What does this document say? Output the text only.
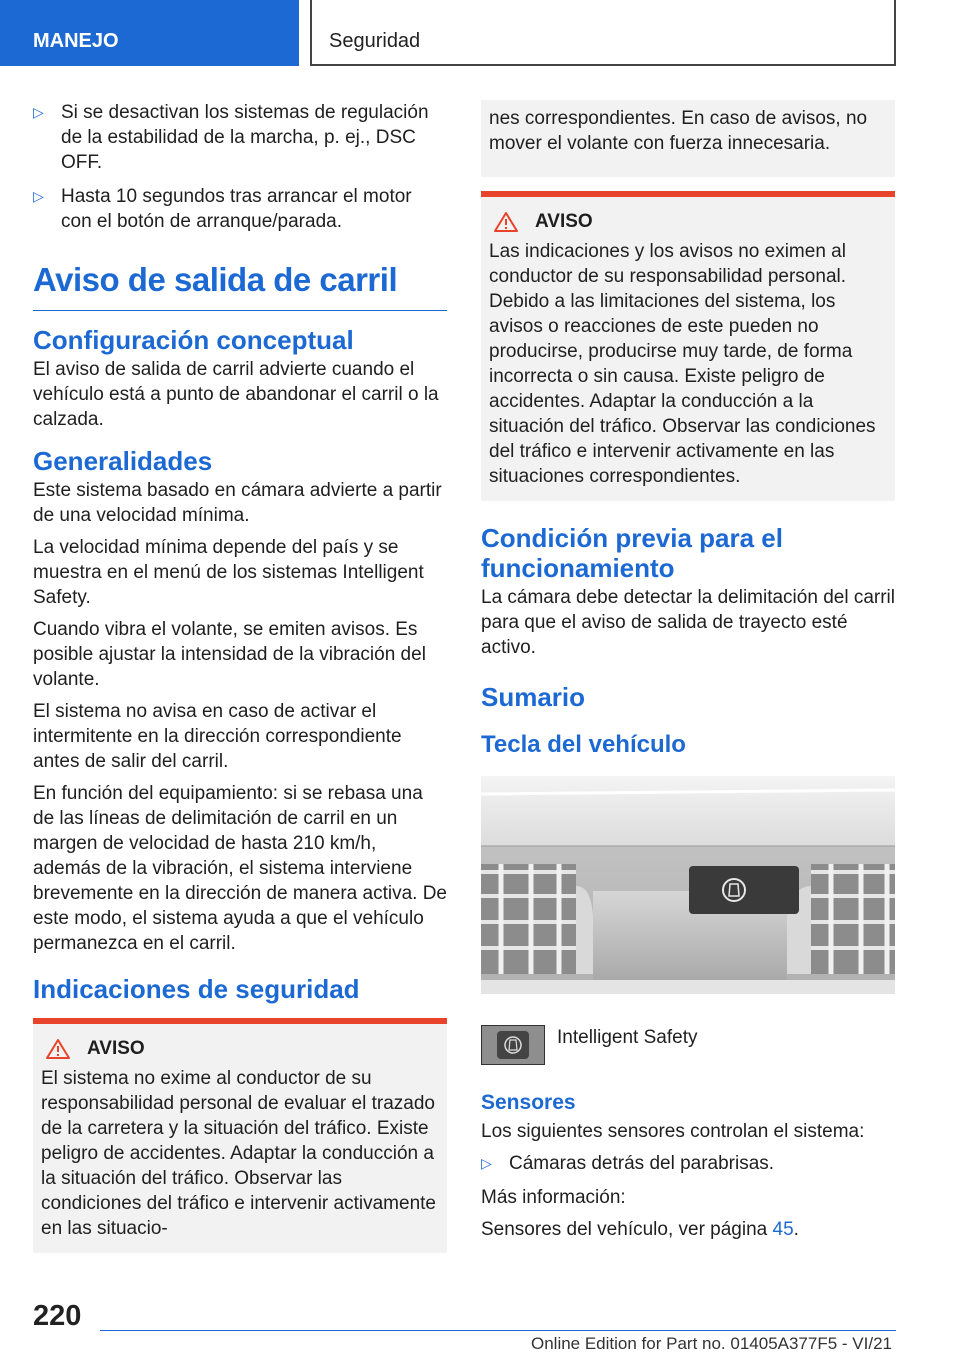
MANEJO	Seguridad
▷ Si se desactivan los sistemas de regulación de la estabilidad de la marcha, p. ej., DSC OFF.
▷ Hasta 10 segundos tras arrancar el motor con el botón de arranque/parada.
Aviso de salida de carril
Configuración conceptual

El aviso de salida de carril advierte cuando el vehículo está a punto de abandonar el carril o la calzada.

Generalidades

Este sistema basado en cámara advierte a partir de una velocidad mínima.

La velocidad mínima depende del país y se muestra en el menú de los sistemas Intelligent Safety.

Cuando vibra el volante, se emiten avisos. Es posible ajustar la intensidad de la vibración del volante.

El sistema no avisa en caso de activar el intermitente en la dirección correspondiente antes de salir del carril.

En función del equipamiento: si se rebasa una de las líneas de delimitación de carril en un margen de velocidad de hasta 210 km/h, además de la vibración, el sistema interviene brevemente en la dirección de manera activa. De este modo, el sistema ayuda a que el vehículo permanezca en el carril.

Indicaciones de seguridad
AVISO

El sistema no exime al conductor de su responsabilidad personal de evaluar el trazado de la carretera y la situación del tráfico. Existe peligro de accidentes. Adaptar la conducción a la situación del tráfico. Observar las condiciones del tráfico e intervenir activamente en las situacio-

nes correspondientes. En caso de avisos, no mover el volante con fuerza innecesaria.

AVISO

Las indicaciones y los avisos no eximen al conductor de su responsabilidad personal. Debido a las limitaciones del sistema, los avisos o reacciones de este pueden no producirse, producirse muy tarde, de forma incorrecta o sin causa. Existe peligro de accidentes. Adaptar la conducción a la situación del tráfico. Observar las condiciones del tráfico e intervenir activamente en las situaciones correspondientes.

Condición previa para el funcionamiento

La cámara debe detectar la delimitación del carril para que el aviso de salida de trayecto esté activo.

Sumario
Tecla del vehículo
Intelligent Safety
Sensores

Los siguientes sensores controlan el sistema:

▷ Cámaras detrás del parabrisas.

Más información:

Sensores del vehículo, ver página 45.

220
Online Edition for Part no. 01405A377F5 - VI/21
